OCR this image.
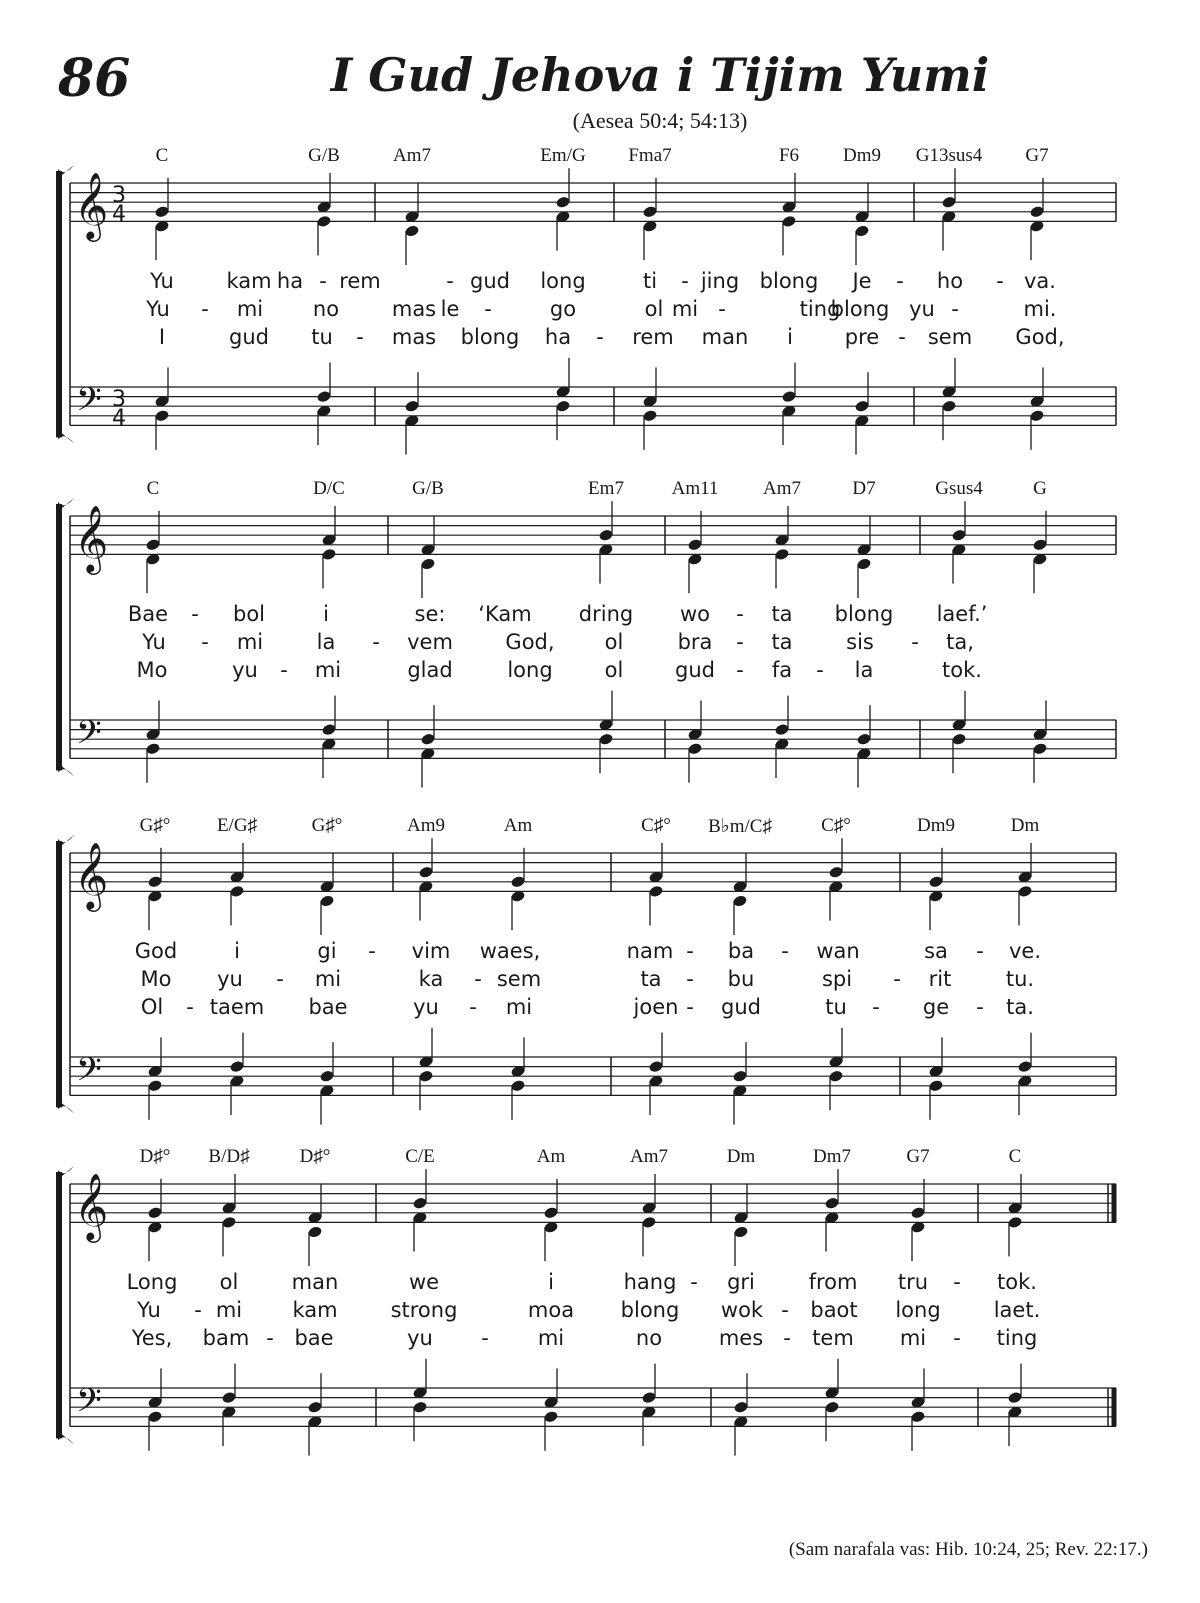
86	I Gud Jehova i Tijim Yumi
(Aesea 50:4; 54:13)
𝄞
𝄢
3
4
3
4
C	G/B	Am7	Em/G Fma7	F6 Dm9 G13sus4 G7
Yu	kam ha - rem	- gud long	ti - jing blong Je - ho - va.
Yu - mi no	mas le -	go	ol mi -	ting
blong yu -	mi.
I	gud tu - mas blong ha - rem man i pre - sem God,
𝄞
𝄢
C	D/C	G/B	Em7	Am11 Am7	D7	Gsus4	G
Bae - bol	i	se: ‘Kam dring wo - ta blong laef.’
Yu - mi	la - vem	God, ol	bra - ta	sis - ta,
Mo	yu - mi	glad	long ol gud - fa - la	tok.
𝄞
𝄢
G♯° E/G♯	G♯°	Am9	Am	C♯° B♭m/C♯	C♯°	Dm9	Dm
God	i	gi - vim waes,	nam - ba - wan	sa - ve.
Mo yu - mi	ka - sem	ta - bu	spi - rit	tu.
Ol - taem bae	yu - mi	joen - gud	tu - ge - ta.
𝄞
𝄢
D♯° B/D♯	D♯°	C/E	Am	Am7	Dm	Dm7	G7	C
Long ol	man	we	i	hang - gri	from tru - tok.
Yu - mi kam	strong	moa blong wok - baot long	laet.
Yes, bam - bae	yu - mi	no	mes - tem mi - ting
(Sam narafala vas: Hib. 10:24, 25; Rev. 22:17.)
